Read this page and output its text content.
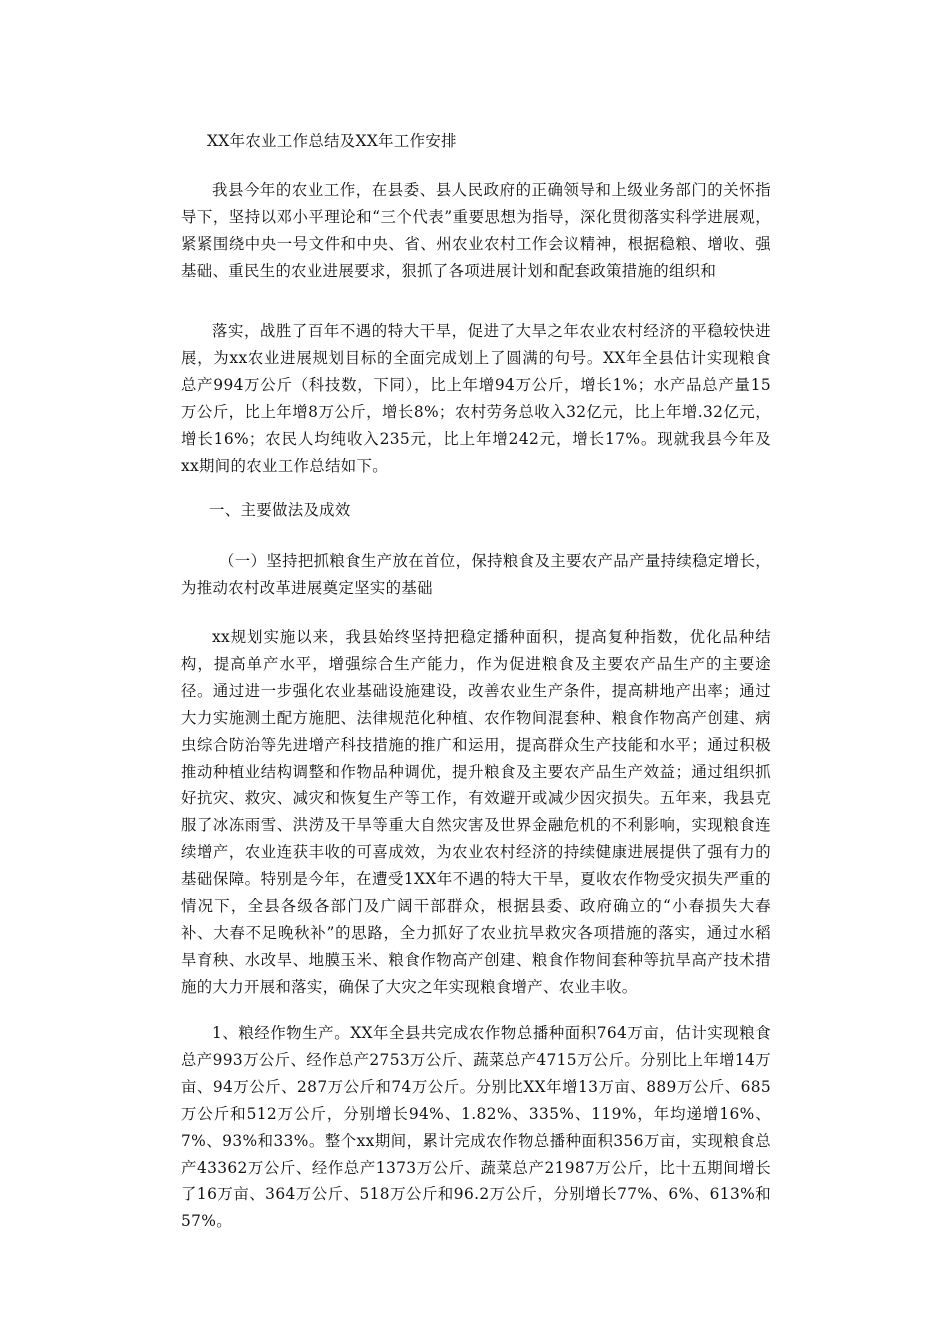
XX年农业工作总结及XX年工作安排

我县今年的农业工作，在县委、县人民政府的正确领导和上级业务部门的关怀指导下，坚持以邓小平理论和“三个代表”重要思想为指导，深化贯彻落实科学进展观，紧紧围绕中央一号文件和中央、省、州农业农村工作会议精神，根据稳粮、增收、强基础、重民生的农业进展要求，狠抓了各项进展计划和配套政策措施的组织和

落实，战胜了百年不遇的特大干旱，促进了大旱之年农业农村经济的平稳较快进展，为xx农业进展规划目标的全面完成划上了圆满的句号。XX年全县估计实现粮食总产994万公斤（科技数，下同），比上年增94万公斤，增长1%；水产品总产量15万公斤，比上年增8万公斤，增长8%；农村劳务总收入32亿元，比上年增.32亿元，增长16%；农民人均纯收入235元，比上年增242元，增长17%。现就我县今年及xx期间的农业工作总结如下。

一、主要做法及成效

（一）坚持把抓粮食生产放在首位，保持粮食及主要农产品产量持续稳定增长，为推动农村改革进展奠定坚实的基础

xx规划实施以来，我县始终坚持把稳定播种面积，提高复种指数，优化品种结构，提高单产水平，增强综合生产能力，作为促进粮食及主要农产品生产的主要途径。通过进一步强化农业基础设施建设，改善农业生产条件，提高耕地产出率；通过大力实施测土配方施肥、法律规范化种植、农作物间混套种、粮食作物高产创建、病虫综合防治等先进增产科技措施的推广和运用，提高群众生产技能和水平；通过积极推动种植业结构调整和作物品种调优，提升粮食及主要农产品生产效益；通过组织抓好抗灾、救灾、减灾和恢复生产等工作，有效避开或减少因灾损失。五年来，我县克服了冰冻雨雪、洪涝及干旱等重大自然灾害及世界金融危机的不利影响，实现粮食连续增产，农业连获丰收的可喜成效，为农业农村经济的持续健康进展提供了强有力的基础保障。特别是今年，在遭受1XX年不遇的特大干旱，夏收农作物受灾损失严重的情况下，全县各级各部门及广阔干部群众，根据县委、政府确立的“小春损失大春补、大春不足晚秋补”的思路，全力抓好了农业抗旱救灾各项措施的落实，通过水稻旱育秧、水改旱、地膜玉米、粮食作物高产创建、粮食作物间套种等抗旱高产技术措施的大力开展和落实，确保了大灾之年实现粮食增产、农业丰收。

1、粮经作物生产。XX年全县共完成农作物总播种面积764万亩，估计实现粮食总产993万公斤、经作总产2753万公斤、蔬菜总产4715万公斤。分别比上年增14万亩、94万公斤、287万公斤和74万公斤。分别比XX年增13万亩、889万公斤、685万公斤和512万公斤，分别增长94%、1.82%、335%、119%，年均递增16%、7%、93%和33%。整个xx期间，累计完成农作物总播种面积356万亩，实现粮食总产43362万公斤、经作总产1373万公斤、蔬菜总产21987万公斤，比十五期间增长了16万亩、364万公斤、518万公斤和96.2万公斤，分别增长77%、6%、613%和57%。
